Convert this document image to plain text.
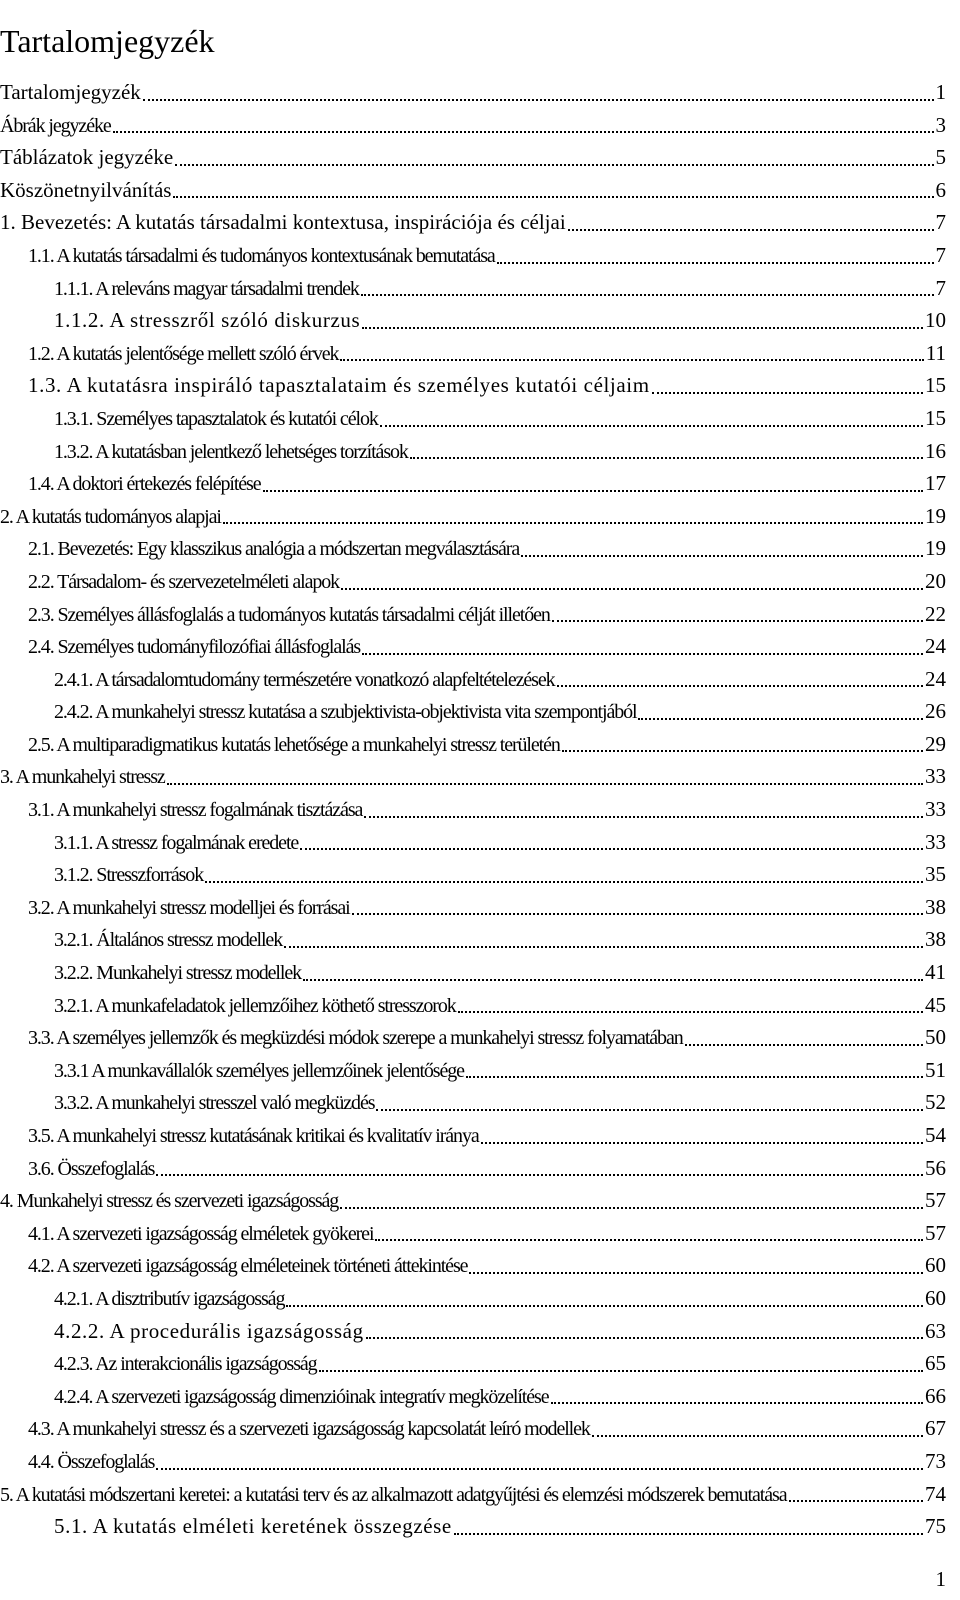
Tartalomjegyzék
Tartalomjegyzék	1
Ábrák jegyzéke	3
Táblázatok jegyzéke	5
Köszönetnyilvánítás	6
1. Bevezetés: A kutatás társadalmi kontextusa, inspirációja és céljai	7
1.1. A kutatás társadalmi és tudományos kontextusának bemutatása	7
1.1.1. A releváns magyar társadalmi trendek	7
1.1.2. A stresszről szóló diskurzus	10
1.2. A kutatás jelentősége mellett szóló érvek	11
1.3. A kutatásra inspiráló tapasztalataim és személyes kutatói céljaim	15
1.3.1. Személyes tapasztalatok és kutatói célok	15
1.3.2. A kutatásban jelentkező lehetséges torzítások	16
1.4. A doktori értekezés felépítése	17
2. A kutatás tudományos alapjai	19
2.1. Bevezetés: Egy klasszikus analógia a módszertan megválasztására	19
2.2. Társadalom- és szervezetelméleti alapok	20
2.3. Személyes állásfoglalás a tudományos kutatás társadalmi célját illetően	22
2.4. Személyes tudományfilozófiai állásfoglalás	24
2.4.1. A társadalomtudomány természetére vonatkozó alapfeltételezések	24
2.4.2. A munkahelyi stressz kutatása a szubjektivista-objektivista vita szempontjából	26
2.5. A multiparadigmatikus kutatás lehetősége a munkahelyi stressz területén	29
3. A munkahelyi stressz	33
3.1. A munkahelyi stressz fogalmának tisztázása	33
3.1.1. A stressz fogalmának eredete	33
3.1.2. Stresszforrások	35
3.2. A munkahelyi stressz modelljei és forrásai	38
3.2.1. Általános stressz modellek	38
3.2.2. Munkahelyi stressz modellek	41
3.2.1. A munkafeladatok jellemzőihez köthető stresszorok	45
3.3. A személyes jellemzők és megküzdési módok szerepe a munkahelyi stressz folyamatában	50
3.3.1 A munkavállalók személyes jellemzőinek jelentősége	51
3.3.2. A munkahelyi stresszel való megküzdés	52
3.5. A munkahelyi stressz kutatásának kritikai és kvalitatív iránya	54
3.6. Összefoglalás	56
4. Munkahelyi stressz és szervezeti igazságosság	57
4.1. A szervezeti igazságosság elméletek gyökerei	57
4.2. A szervezeti igazságosság elméleteinek történeti áttekintése	60
4.2.1. A disztributív igazságosság	60
4.2.2. A procedurális igazságosság	63
4.2.3. Az interakcionális igazságosság	65
4.2.4. A szervezeti igazságosság dimenzióinak integratív megközelítése	66
4.3. A munkahelyi stressz és a szervezeti igazságosság kapcsolatát leíró modellek	67
4.4. Összefoglalás	73
5. A kutatási módszertani keretei: a kutatási terv és az alkalmazott adatgyűjtési és elemzési módszerek bemutatása	74
5.1. A kutatás elméleti keretének összegzése	75
1
